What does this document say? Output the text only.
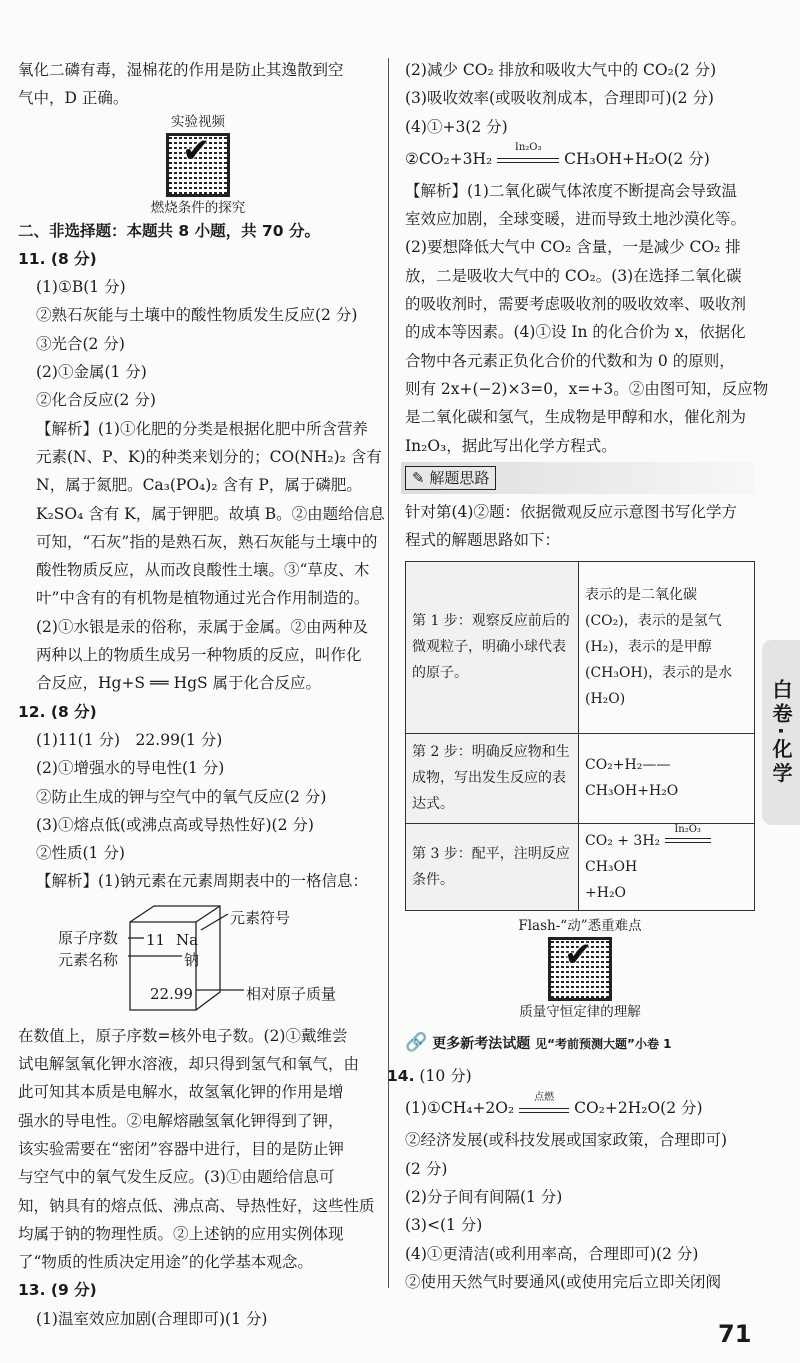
氧化二磷有毒，湿棉花的作用是防止其逸散到空
气中，D 正确。
实验视频
✔
燃烧条件的探究
二、非选择题：本题共 8 小题，共 70 分。
11. (8 分)
(1)①B(1 分)
②熟石灰能与土壤中的酸性物质发生反应(2 分)
③光合(2 分)
(2)①金属(1 分)
②化合反应(2 分)
【解析】(1)①化肥的分类是根据化肥中所含营养
元素(N、P、K)的种类来划分的；CO(NH₂)₂ 含有
N，属于氮肥。Ca₃(PO₄)₂ 含有 P，属于磷肥。
K₂SO₄ 含有 K，属于钾肥。故填 B。②由题给信息
可知，“石灰”指的是熟石灰，熟石灰能与土壤中的
酸性物质反应，从而改良酸性土壤。③“草皮、木
叶”中含有的有机物是植物通过光合作用制造的。
(2)①水银是汞的俗称，汞属于金属。②由两种及
两种以上的物质生成另一种物质的反应，叫作化
合反应，Hg+S ══ HgS 属于化合反应。
12. (8 分)
(1)11(1 分)　22.99(1 分)
(2)①增强水的导电性(1 分)
②防止生成的钾与空气中的氧气反应(2 分)
(3)①熔点低(或沸点高或导热性好)(2 分)
②性质(1 分)
【解析】(1)钠元素在元素周期表中的一格信息：
原子序数
元素名称
元素符号
相对原子质量
11 Na
钠
22.99
在数值上，原子序数=核外电子数。(2)①戴维尝
试电解氢氧化钾水溶液，却只得到氢气和氧气，由
此可知其本质是电解水，故氢氧化钾的作用是增
强水的导电性。②电解熔融氢氧化钾得到了钾，
该实验需要在“密闭”容器中进行，目的是防止钾
与空气中的氧气发生反应。(3)①由题给信息可
知，钠具有的熔点低、沸点高、导热性好，这些性质
均属于钠的物理性质。②上述钠的应用实例体现
了“物质的性质决定用途”的化学基本观念。
13. (9 分)
(1)温室效应加剧(合理即可)(1 分)
(2)减少 CO₂ 排放和吸收大气中的 CO₂(2 分)
(3)吸收效率(或吸收剂成本，合理即可)(2 分)
(4)①+3(2 分)
②CO₂+3H₂
In₂O₃
CH₃OH+H₂O(2 分)
【解析】(1)二氧化碳气体浓度不断提高会导致温
室效应加剧，全球变暖，进而导致土地沙漠化等。
(2)要想降低大气中 CO₂ 含量，一是减少 CO₂ 排
放，二是吸收大气中的 CO₂。(3)在选择二氧化碳
的吸收剂时，需要考虑吸收剂的吸收效率、吸收剂
的成本等因素。(4)①设 In 的化合价为 x，依据化
合物中各元素正负化合价的代数和为 0 的原则，
则有 2x+(−2)×3=0，x=+3。②由图可知，反应物
是二氧化碳和氢气，生成物是甲醇和水，催化剂为
In₂O₃，据此写出化学方程式。
✎ 解题思路
针对第(4)②题：依据微观反应示意图书写化学方
程式的解题思路如下：
第 1 步：观察反应前后的微观粒子，明确小球代表的原子。	表示的是二氧化碳(CO₂)，表示的是氢气(H₂)，表示的是甲醇(CH₃OH)，表示的是水(H₂O)
第 2 步：明确反应物和生成物，写出发生反应的表达式。	CO₂+H₂——CH₃OH+H₂O
第 3 步：配平，注明反应条件。	CO₂ + 3H₂
In₂O₃
CH₃OH
+H₂O
Flash-“动”悉重难点
✔
质量守恒定律的理解
🔗 更多新考法试题 见“考前预测大题”小卷 1
14. (10 分)
(1)①CH₄+2O₂
点燃
CO₂+2H₂O(2 分)
②经济发展(或科技发展或国家政策，合理即可)
(2 分)
(2)分子间有间隔(1 分)
(3)<(1 分)
(4)①更清洁(或利用率高，合理即可)(2 分)
②使用天然气时要通风(或使用完后立即关闭阀
白卷·化学
71
